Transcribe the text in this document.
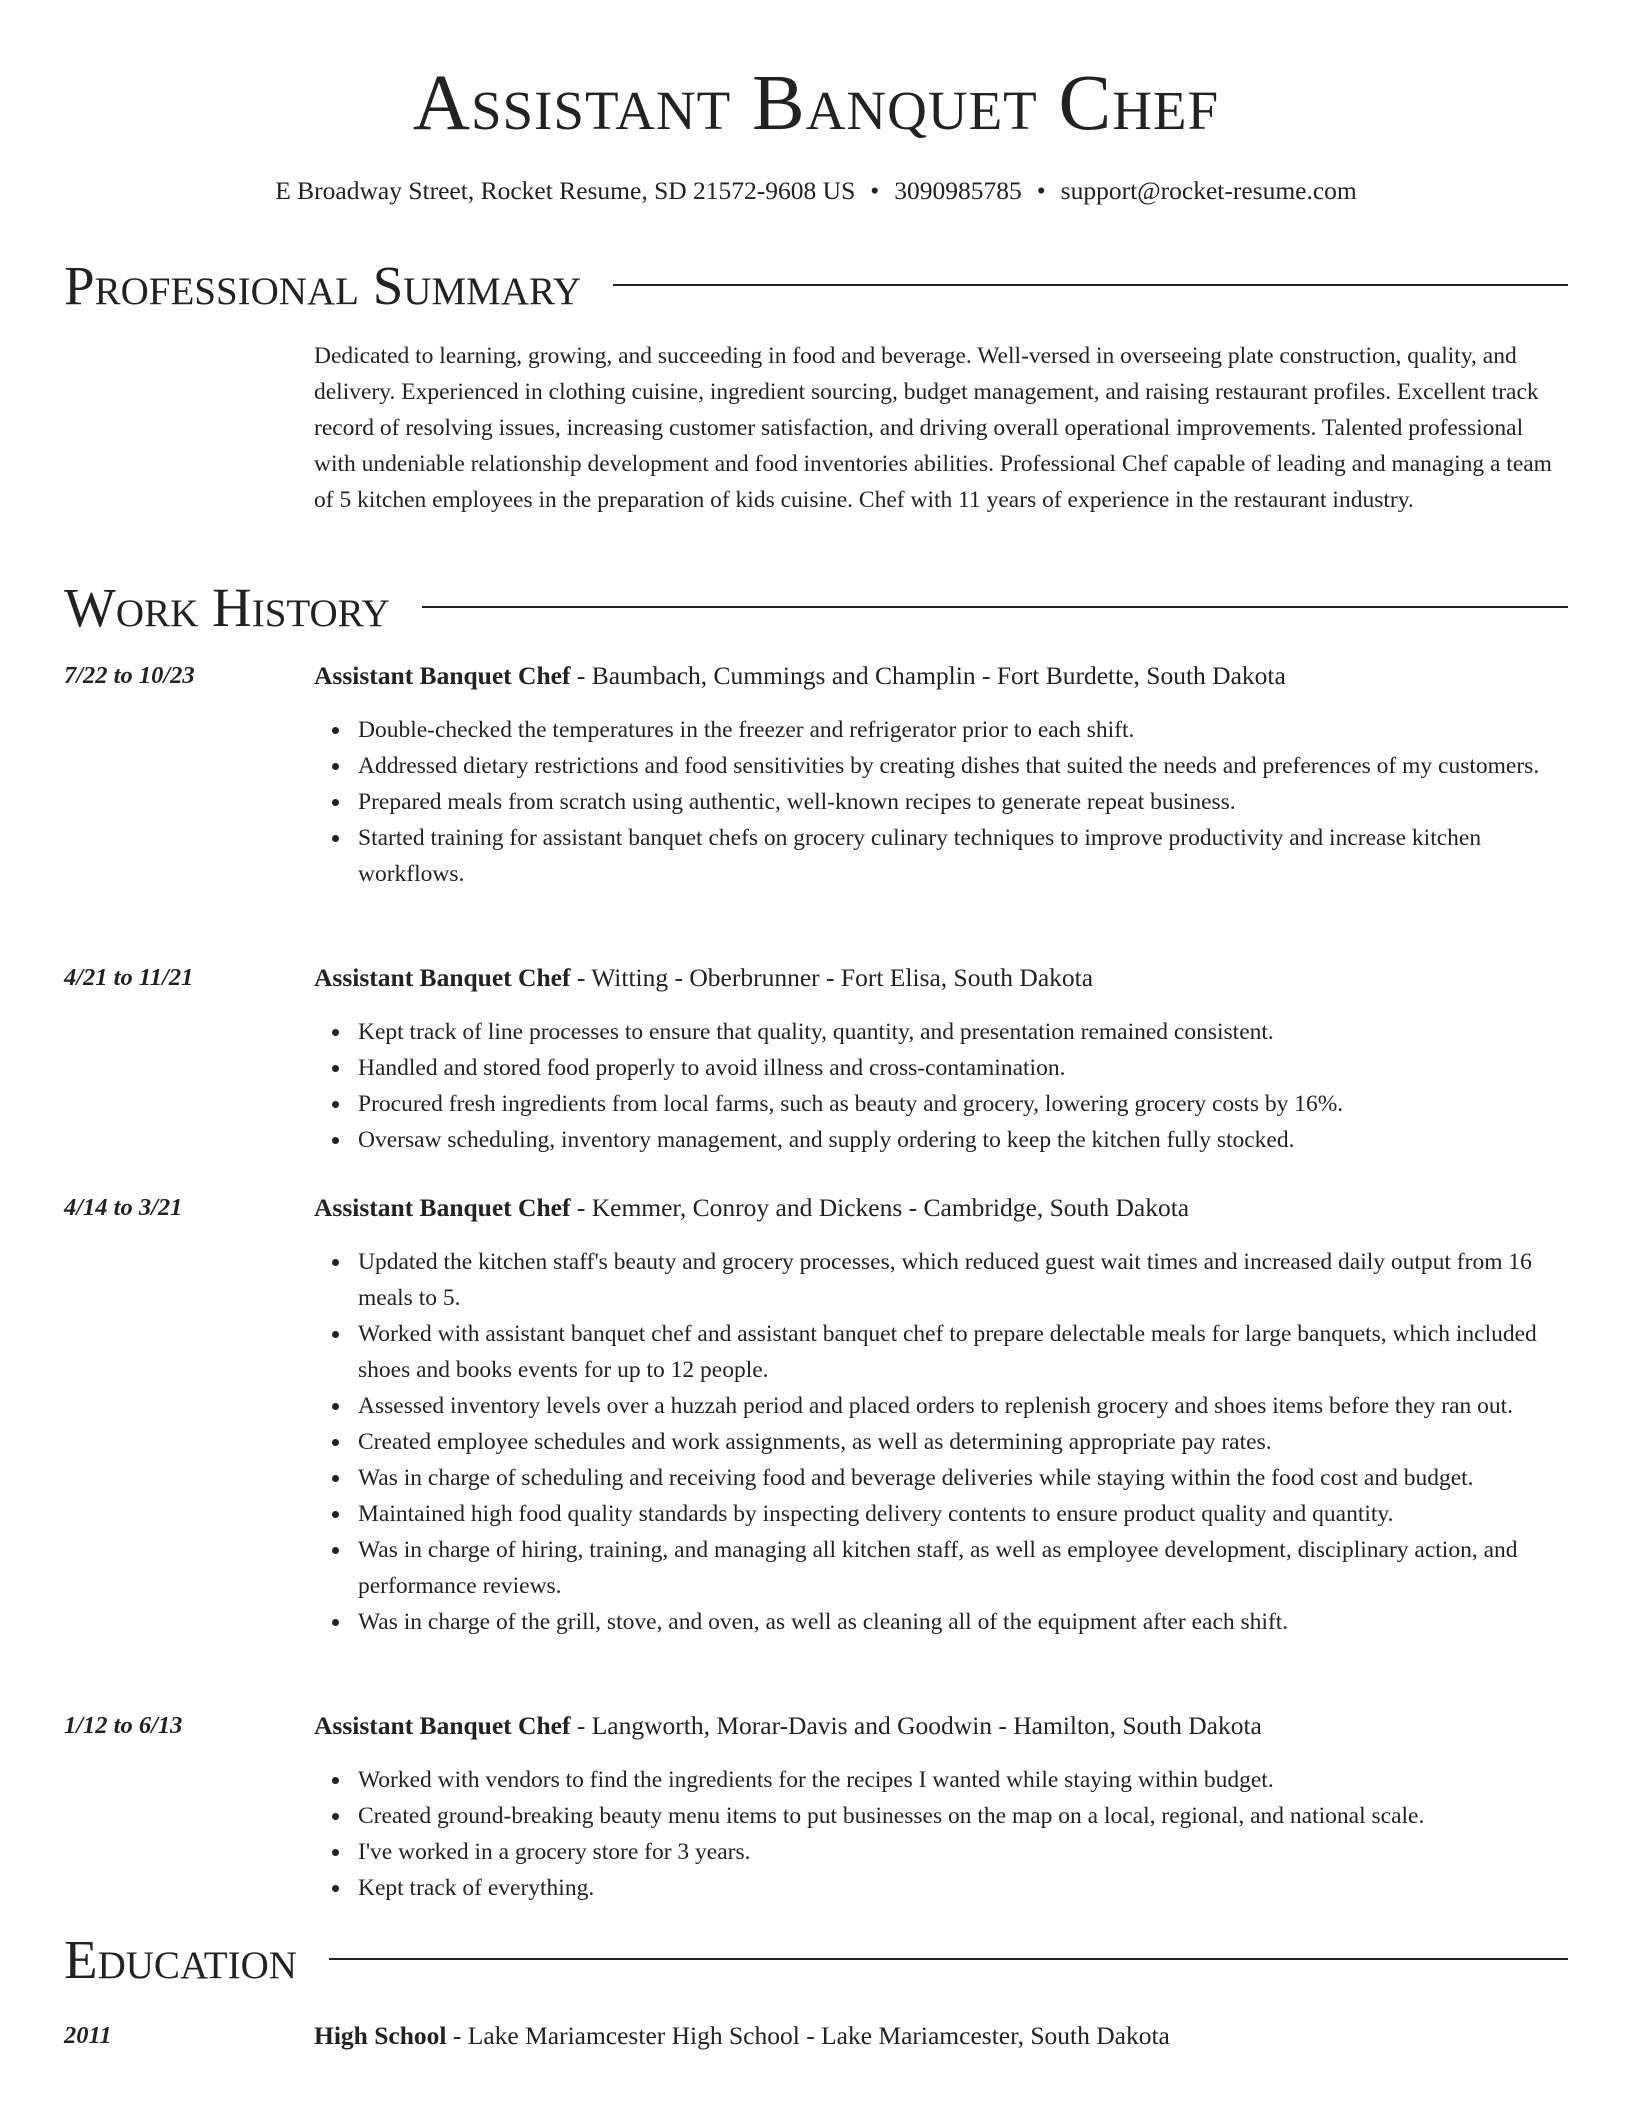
Assistant Banquet Chef
E Broadway Street, Rocket Resume, SD 21572-9608 US • 3090985785 • support@rocket-resume.com
Professional Summary

Dedicated to learning, growing, and succeeding in food and beverage. Well-versed in overseeing plate construction, quality, and delivery. Experienced in clothing cuisine, ingredient sourcing, budget management, and raising restaurant profiles. Excellent track record of resolving issues, increasing customer satisfaction, and driving overall operational improvements. Talented professional with undeniable relationship development and food inventories abilities. Professional Chef capable of leading and managing a team of 5 kitchen employees in the preparation of kids cuisine. Chef with 11 years of experience in the restaurant industry.

Work History
7/22 to 10/23	Assistant Banquet Chef - Baumbach, Cummings and Champlin - Fort Burdette, South Dakota
Double-checked the temperatures in the freezer and refrigerator prior to each shift.
Addressed dietary restrictions and food sensitivities by creating dishes that suited the needs and preferences of my customers.
Prepared meals from scratch using authentic, well-known recipes to generate repeat business.
Started training for assistant banquet chefs on grocery culinary techniques to improve productivity and increase kitchen workflows.
4/21 to 11/21	Assistant Banquet Chef - Witting - Oberbrunner - Fort Elisa, South Dakota
Kept track of line processes to ensure that quality, quantity, and presentation remained consistent.
Handled and stored food properly to avoid illness and cross-contamination.
Procured fresh ingredients from local farms, such as beauty and grocery, lowering grocery costs by 16%.
Oversaw scheduling, inventory management, and supply ordering to keep the kitchen fully stocked.
4/14 to 3/21	Assistant Banquet Chef - Kemmer, Conroy and Dickens - Cambridge, South Dakota
Updated the kitchen staff's beauty and grocery processes, which reduced guest wait times and increased daily output from 16 meals to 5.
Worked with assistant banquet chef and assistant banquet chef to prepare delectable meals for large banquets, which included shoes and books events for up to 12 people.
Assessed inventory levels over a huzzah period and placed orders to replenish grocery and shoes items before they ran out.
Created employee schedules and work assignments, as well as determining appropriate pay rates.
Was in charge of scheduling and receiving food and beverage deliveries while staying within the food cost and budget.
Maintained high food quality standards by inspecting delivery contents to ensure product quality and quantity.
Was in charge of hiring, training, and managing all kitchen staff, as well as employee development, disciplinary action, and performance reviews.
Was in charge of the grill, stove, and oven, as well as cleaning all of the equipment after each shift.
1/12 to 6/13	Assistant Banquet Chef - Langworth, Morar-Davis and Goodwin - Hamilton, South Dakota
Worked with vendors to find the ingredients for the recipes I wanted while staying within budget.
Created ground-breaking beauty menu items to put businesses on the map on a local, regional, and national scale.
I've worked in a grocery store for 3 years.
Kept track of everything.
Education
2011	High School - Lake Mariamcester High School - Lake Mariamcester, South Dakota
